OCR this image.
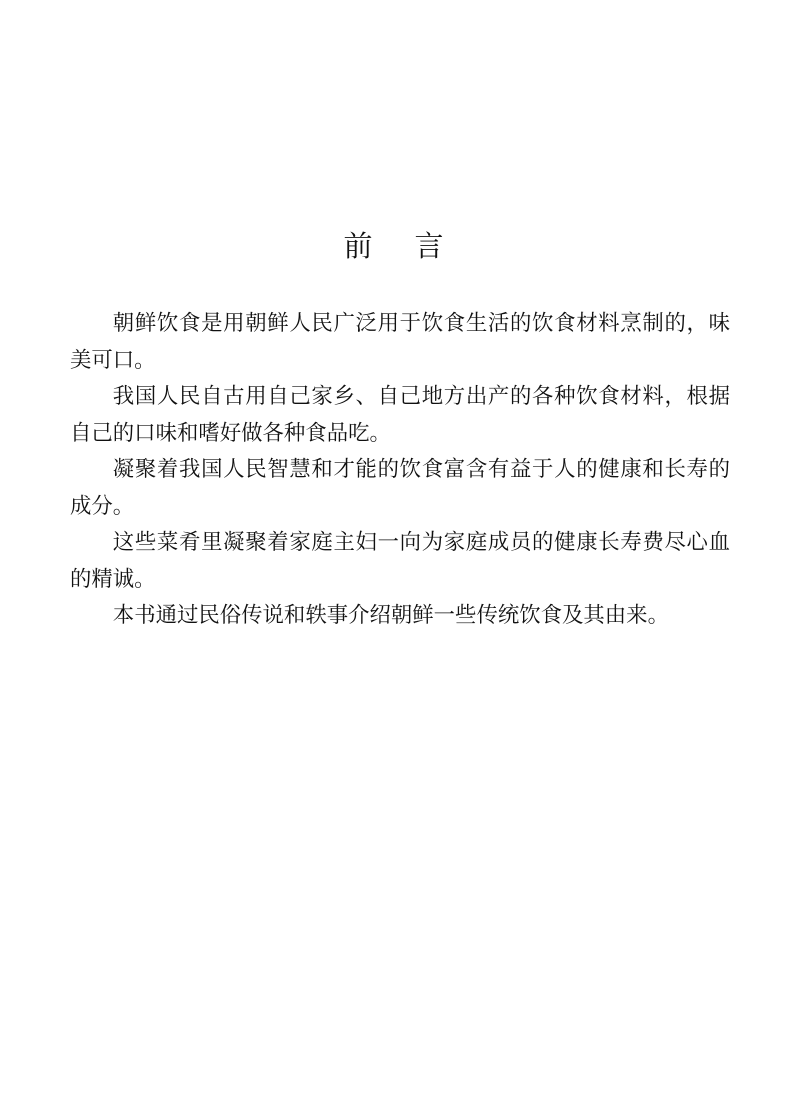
前 言

朝鲜饮食是用朝鲜人民广泛用于饮食生活的饮食材料烹制的，味美可口。

我国人民自古用自己家乡、自己地方出产的各种饮食材料，根据自己的口味和嗜好做各种食品吃。

凝聚着我国人民智慧和才能的饮食富含有益于人的健康和长寿的成分。

这些菜肴里凝聚着家庭主妇一向为家庭成员的健康长寿费尽心血的精诚。

本书通过民俗传说和轶事介绍朝鲜一些传统饮食及其由来。
